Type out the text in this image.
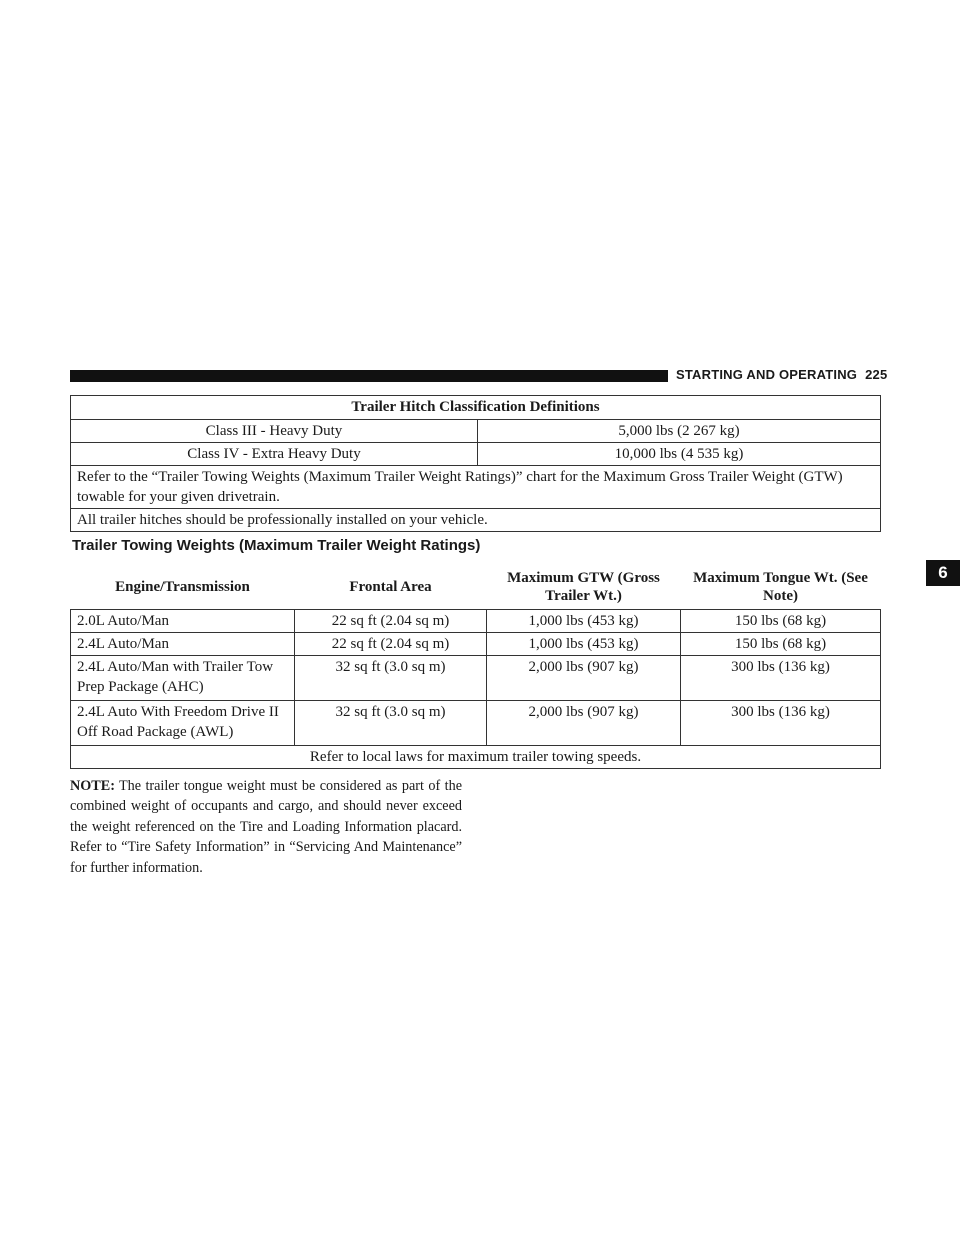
STARTING AND OPERATING 225
6
Trailer Hitch Classification Definitions	
Class III - Heavy Duty	5,000 lbs (2 267 kg)
Class IV - Extra Heavy Duty	10,000 lbs (4 535 kg)
Refer to the “Trailer Towing Weights (Maximum Trailer Weight Ratings)” chart for the Maximum Gross Trailer Weight (GTW) towable for your given drivetrain.	
All trailer hitches should be professionally installed on your vehicle.	
Trailer Towing Weights (Maximum Trailer Weight Ratings)
Engine/Transmission	Frontal Area	Maximum GTW (Gross Trailer Wt.)	Maximum Tongue Wt. (See Note)
2.0L Auto/Man	22 sq ft (2.04 sq m)	1,000 lbs (453 kg)	150 lbs (68 kg)
2.4L Auto/Man	22 sq ft (2.04 sq m)	1,000 lbs (453 kg)	150 lbs (68 kg)
2.4L Auto/Man with Trailer Tow Prep Package (AHC)	32 sq ft (3.0 sq m)	2,000 lbs (907 kg)	300 lbs (136 kg)
2.4L Auto With Freedom Drive II Off Road Package (AWL)	32 sq ft (3.0 sq m)	2,000 lbs (907 kg)	300 lbs (136 kg)
Refer to local laws for maximum trailer towing speeds.			
NOTE: The trailer tongue weight must be considered as part of the combined weight of occupants and cargo, and should never exceed the weight referenced on the Tire and Loading Information placard. Refer to “Tire Safety Information” in “Servicing And Maintenance” for further information.
